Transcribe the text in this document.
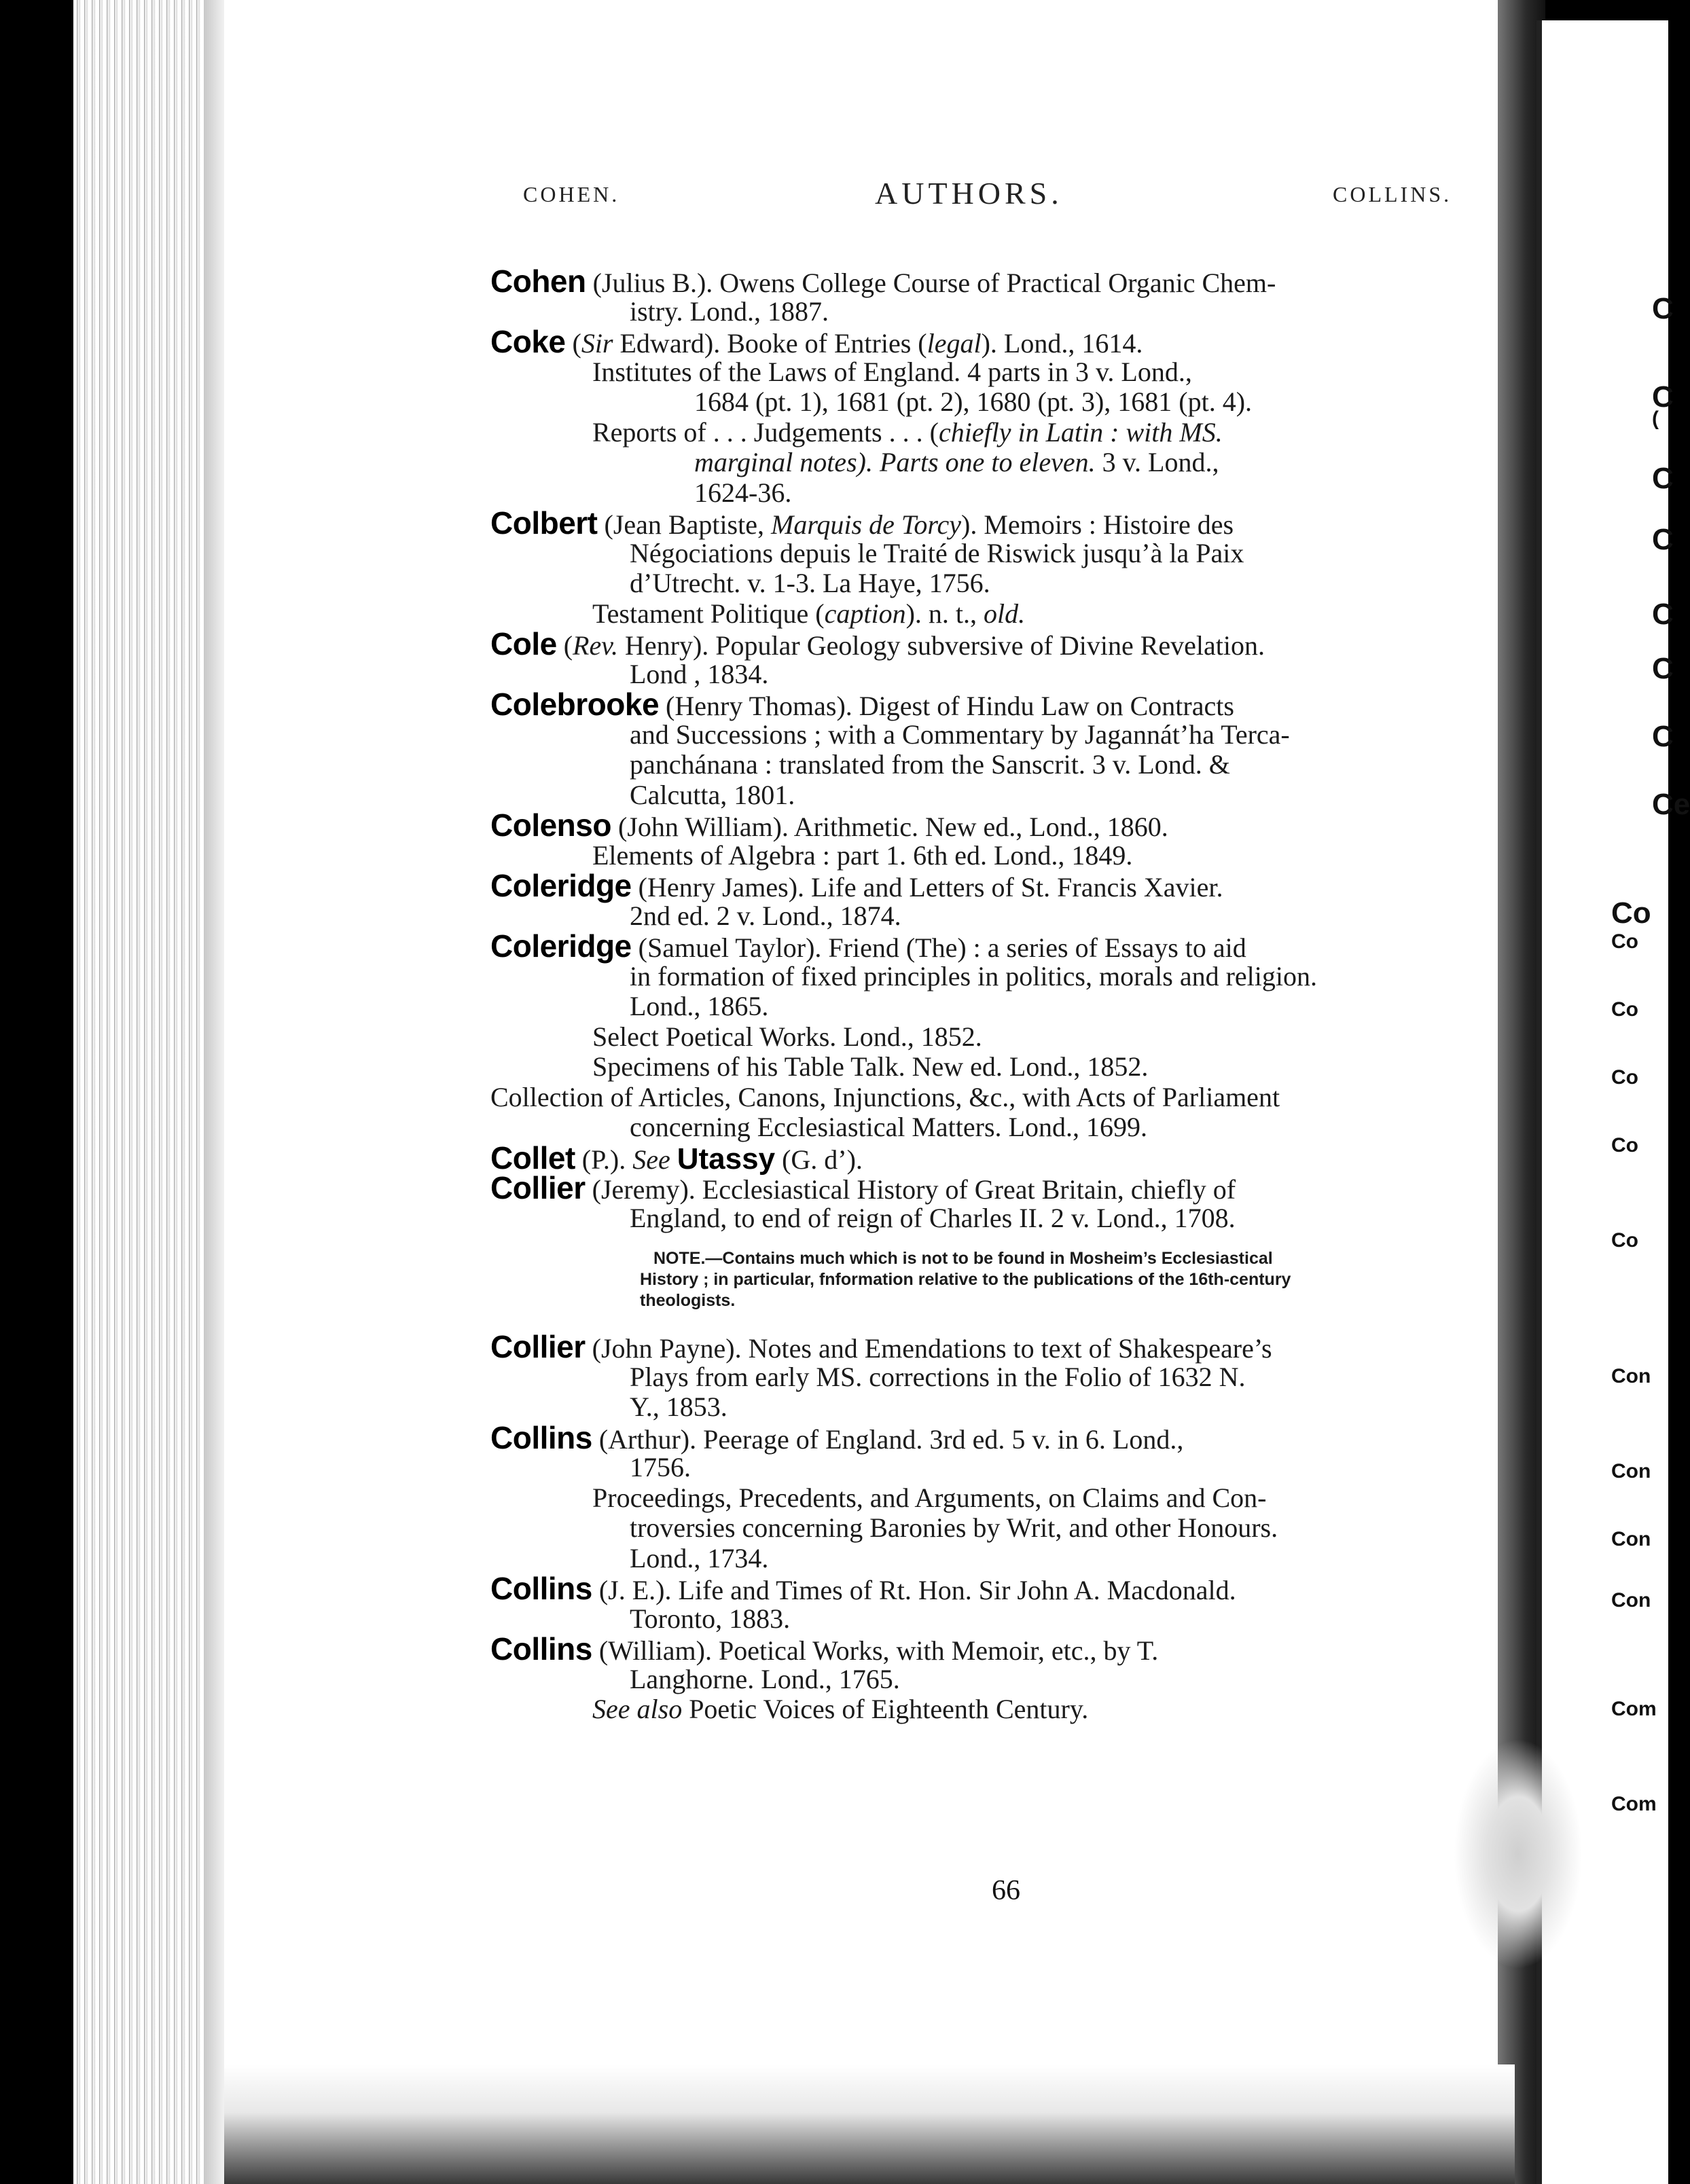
COHEN.	AUTHORS.	COLLINS.
Cohen (Julius B.). Owens College Course of Practical Organic Chem-
istry. Lond., 1887.
Coke (Sir Edward). Booke of Entries (legal). Lond., 1614.
Institutes of the Laws of England. 4 parts in 3 v. Lond.,
1684 (pt. 1), 1681 (pt. 2), 1680 (pt. 3), 1681 (pt. 4).
Reports of . . . Judgements . . . (chiefly in Latin : with MS.
marginal notes). Parts one to eleven. 3 v. Lond.,
1624-36.
Colbert (Jean Baptiste, Marquis de Torcy). Memoirs : Histoire des
Négociations depuis le Traité de Riswick jusqu’à la Paix
d’Utrecht. v. 1-3. La Haye, 1756.
Testament Politique (caption). n. t., old.
Cole (Rev. Henry). Popular Geology subversive of Divine Revelation.
Lond , 1834.
Colebrooke (Henry Thomas). Digest of Hindu Law on Contracts
and Successions ; with a Commentary by Jagannát’ha Terca-
panchánana : translated from the Sanscrit. 3 v. Lond. &
Calcutta, 1801.
Colenso (John William). Arithmetic. New ed., Lond., 1860.
Elements of Algebra : part 1. 6th ed. Lond., 1849.
Coleridge (Henry James). Life and Letters of St. Francis Xavier.
2nd ed. 2 v. Lond., 1874.
Coleridge (Samuel Taylor). Friend (The) : a series of Essays to aid
in formation of fixed principles in politics, morals and religion.
Lond., 1865.
Select Poetical Works. Lond., 1852.
Specimens of his Table Talk. New ed. Lond., 1852.
Collection of Articles, Canons, Injunctions, &c., with Acts of Parliament
concerning Ecclesiastical Matters. Lond., 1699.
Collet (P.). See Utassy (G. d’).
Collier (Jeremy). Ecclesiastical History of Great Britain, chiefly of
England, to end of reign of Charles II. 2 v. Lond., 1708.
NOTE.—Contains much which is not to be found in Mosheim’s Ecclesiastical
History ; in particular, fnformation relative to the publications of the 16th-century
theologists.
Collier (John Payne). Notes and Emendations to text of Shakespeare’s
Plays from early MS. corrections in the Folio of 1632 N.
Y., 1853.
Collins (Arthur). Peerage of England. 3rd ed. 5 v. in 6. Lond.,
1756.
Proceedings, Precedents, and Arguments, on Claims and Con-
troversies concerning Baronies by Writ, and other Honours.
Lond., 1734.
Collins (J. E.). Life and Times of Rt. Hon. Sir John A. Macdonald.
Toronto, 1883.
Collins (William). Poetical Works, with Memoir, etc., by T.
Langhorne. Lond., 1765.
See also Poetic Voices of Eighteenth Century.
66
C
C
(
C
C
C
C
C
Ce
Co
Co
Co
Co
Co
Co
Con
Con
Con
Con
Com
Com
